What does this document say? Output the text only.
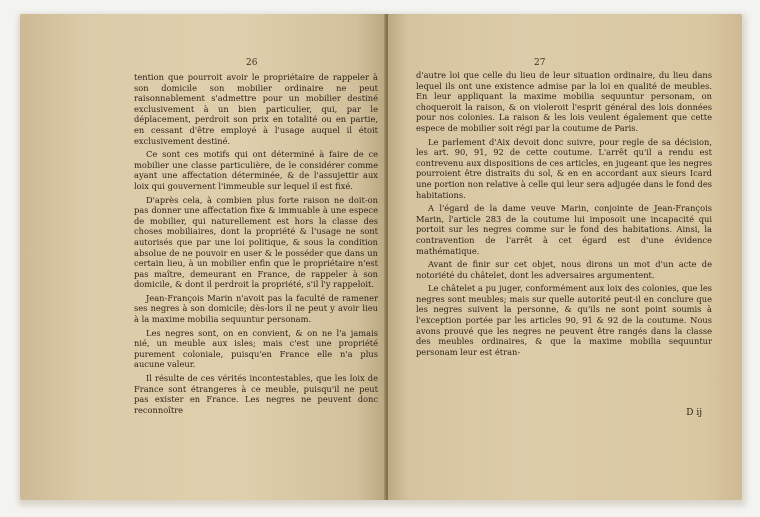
26

tention que pourroit avoir le propriétaire de rappeler à son domicile son mobilier ordinaire ne peut raisonnablement s'admettre pour un mobilier destiné exclusivement à un bien particulier, qui, par le déplacement, perdroit son prix en totalité ou en partie, en cessant d'être employé à l'usage auquel il étoit exclusivement destiné.

Ce sont ces motifs qui ont déterminé à faire de ce mobilier une classe particulière, de le considérer comme ayant une affectation déterminée, & de l'assujettir aux loix qui gouvernent l'immeuble sur lequel il est fixé.

D'après cela, à combien plus forte raison ne doit-on pas donner une affectation fixe & immuable à une espece de mobilier, qui naturellement est hors la classe des choses mobiliaires, dont la propriété & l'usage ne sont autorisés que par une loi politique, & sous la condition absolue de ne pouvoir en user & le posséder que dans un certain lieu, à un mobilier enfin que le propriétaire n'est pas maître, demeurant en France, de rappeler à son domicile, & dont il perdroit la propriété, s'il l'y rappeloit.

Jean-François Marin n'avoit pas la faculté de ramener ses negres à son domicile; dès-lors il ne peut y avoir lieu à la maxime mobilia sequuntur personam.

Les negres sont, on en convient, & on ne l'a jamais nié, un meuble aux isles; mais c'est une propriété purement coloniale, puisqu'en France elle n'a plus aucune valeur.

Il résulte de ces vérités incontestables, que les loix de France sont étrangeres à ce meuble, puisqu'il ne peut pas exister en France. Les negres ne peuvent donc reconnoître

27

d'autre loi que celle du lieu de leur situation ordinaire, du lieu dans lequel ils ont une existence admise par la loi en qualité de meubles. En leur appliquant la maxime mobilia sequuntur personam, on choqueroit la raison, & on violeroit l'esprit général des lois données pour nos colonies. La raison & les lois veulent également que cette espece de mobilier soit régi par la coutume de Paris.

Le parlement d'Aix devoit donc suivre, pour regle de sa décision, les art. 90, 91, 92 de cette coutume. L'arrêt qu'il a rendu est contrevenu aux dispositions de ces articles, en jugeant que les negres pourroient être distraits du sol, & en en accordant aux sieurs Icard une portion non relative à celle qui leur sera adjugée dans le fond des habitations.

A l'égard de la dame veuve Marin, conjointe de Jean-François Marin, l'article 283 de la coutume lui imposoit une incapacité qui portoit sur les negres comme sur le fond des habitations. Ainsi, la contravention de l'arrêt à cet égard est d'une évidence mathématique.

Avant de finir sur cet objet, nous dirons un mot d'un acte de notoriété du châtelet, dont les adversaires argumentent.

Le châtelet a pu juger, conformément aux loix des colonies, que les negres sont meubles; mais sur quelle autorité peut-il en conclure que les negres suivent la personne, & qu'ils ne sont point soumis à l'exception portée par les articles 90, 91 & 92 de la coutume. Nous avons prouvé que les negres ne peuvent être rangés dans la classe des meubles ordinaires, & que la maxime mobilia sequuntur personam leur est étran-

D ij
